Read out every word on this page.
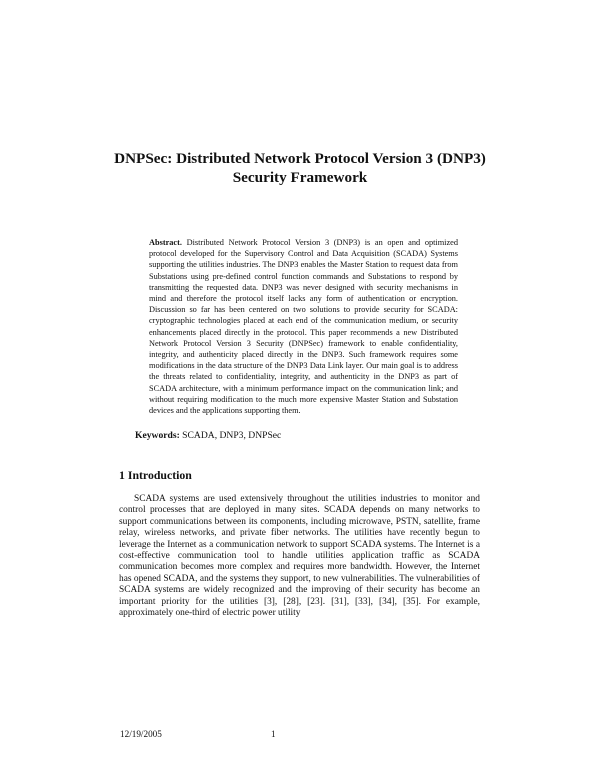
DNPSec: Distributed Network Protocol Version 3 (DNP3)
Security Framework
Abstract. Distributed Network Protocol Version 3 (DNP3) is an open and optimized protocol developed for the Supervisory Control and Data Acquisition (SCADA) Systems supporting the utilities industries. The DNP3 enables the Master Station to request data from Substations using pre-defined control function commands and Substations to respond by transmitting the requested data. DNP3 was never designed with security mechanisms in mind and therefore the protocol itself lacks any form of authentication or encryption. Discussion so far has been centered on two solutions to provide security for SCADA: cryptographic technologies placed at each end of the communication medium, or security enhancements placed directly in the protocol. This paper recommends a new Distributed Network Protocol Version 3 Security (DNPSec) framework to enable confidentiality, integrity, and authenticity placed directly in the DNP3. Such framework requires some modifications in the data structure of the DNP3 Data Link layer. Our main goal is to address the threats related to confidentiality, integrity, and authenticity in the DNP3 as part of SCADA architecture, with a minimum performance impact on the communication link; and without requiring modification to the much more expensive Master Station and Substation devices and the applications supporting them.
Keywords: SCADA, DNP3, DNPSec
1 Introduction
SCADA systems are used extensively throughout the utilities industries to monitor and control processes that are deployed in many sites. SCADA depends on many networks to support communications between its components, including microwave, PSTN, satellite, frame relay, wireless networks, and private fiber networks. The utilities have recently begun to leverage the Internet as a communication network to support SCADA systems. The Internet is a cost-effective communication tool to handle utilities application traffic as SCADA communication becomes more complex and requires more bandwidth. However, the Internet has opened SCADA, and the systems they support, to new vulnerabilities. The vulnerabilities of SCADA systems are widely recognized and the improving of their security has become an important priority for the utilities [3], [28], [23]. [31], [33], [34], [35]. For example, approximately one-third of electric power utility
12/19/2005	1
